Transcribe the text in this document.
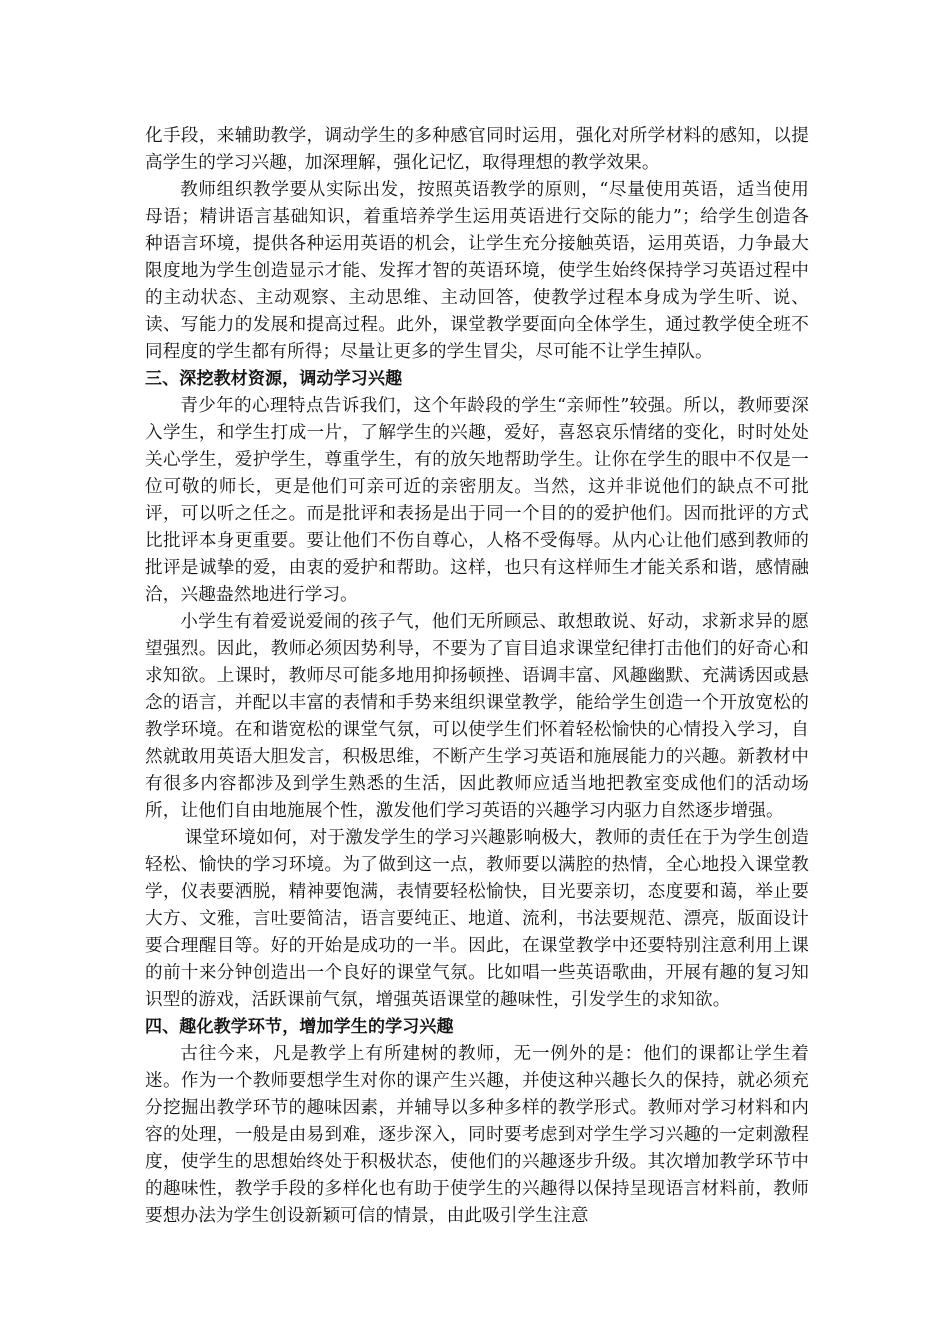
化手段，来辅助教学，调动学生的多种感官同时运用，强化对所学材料的感知，以提高学生的学习兴趣，加深理解，强化记忆，取得理想的教学效果。

教师组织教学要从实际出发，按照英语教学的原则，“尽量使用英语，适当使用母语；精讲语言基础知识，着重培养学生运用英语进行交际的能力”；给学生创造各种语言环境，提供各种运用英语的机会，让学生充分接触英语，运用英语，力争最大限度地为学生创造显示才能、发挥才智的英语环境，使学生始终保持学习英语过程中的主动状态、主动观察、主动思维、主动回答，使教学过程本身成为学生听、说、读、写能力的发展和提高过程。此外，课堂教学要面向全体学生，通过教学使全班不同程度的学生都有所得；尽量让更多的学生冒尖，尽可能不让学生掉队。

三、深挖教材资源，调动学习兴趣

青少年的心理特点告诉我们，这个年龄段的学生“亲师性”较强。所以，教师要深入学生，和学生打成一片，了解学生的兴趣，爱好，喜怒哀乐情绪的变化，时时处处关心学生，爱护学生，尊重学生，有的放矢地帮助学生。让你在学生的眼中不仅是一位可敬的师长，更是他们可亲可近的亲密朋友。当然，这并非说他们的缺点不可批评，可以听之任之。而是批评和表扬是出于同一个目的的爱护他们。因而批评的方式比批评本身更重要。要让他们不伤自尊心，人格不受侮辱。从内心让他们感到教师的批评是诚挚的爱，由衷的爱护和帮助。这样，也只有这样师生才能关系和谐，感情融洽，兴趣盎然地进行学习。

小学生有着爱说爱闹的孩子气，他们无所顾忌、敢想敢说、好动，求新求异的愿望强烈。因此，教师必须因势利导，不要为了盲目追求课堂纪律打击他们的好奇心和求知欲。上课时，教师尽可能多地用抑扬顿挫、语调丰富、风趣幽默、充满诱因或悬念的语言，并配以丰富的表情和手势来组织课堂教学，能给学生创造一个开放宽松的教学环境。在和谐宽松的课堂气氛，可以使学生们怀着轻松愉快的心情投入学习，自然就敢用英语大胆发言，积极思维，不断产生学习英语和施展能力的兴趣。新教材中有很多内容都涉及到学生熟悉的生活，因此教师应适当地把教室变成他们的活动场所，让他们自由地施展个性，激发他们学习英语的兴趣学习内驱力自然逐步增强。

课堂环境如何，对于激发学生的学习兴趣影响极大，教师的责任在于为学生创造轻松、愉快的学习环境。为了做到这一点，教师要以满腔的热情，全心地投入课堂教学，仪表要洒脱，精神要饱满，表情要轻松愉快，目光要亲切，态度要和蔼，举止要大方、文雅，言吐要简洁，语言要纯正、地道、流利，书法要规范、漂亮，版面设计要合理醒目等。好的开始是成功的一半。因此，在课堂教学中还要特别注意利用上课的前十来分钟创造出一个良好的课堂气氛。比如唱一些英语歌曲，开展有趣的复习知识型的游戏，活跃课前气氛，增强英语课堂的趣味性，引发学生的求知欲。

四、趣化教学环节，增加学生的学习兴趣

古往今来，凡是教学上有所建树的教师，无一例外的是：他们的课都让学生着迷。作为一个教师要想学生对你的课产生兴趣，并使这种兴趣长久的保持，就必须充分挖掘出教学环节的趣味因素，并辅导以多种多样的教学形式。教师对学习材料和内容的处理，一般是由易到难，逐步深入，同时要考虑到对学生学习兴趣的一定刺激程度，使学生的思想始终处于积极状态，使他们的兴趣逐步升级。其次增加教学环节中的趣味性，教学手段的多样化也有助于使学生的兴趣得以保持呈现语言材料前，教师要想办法为学生创设新颖可信的情景，由此吸引学生注意
